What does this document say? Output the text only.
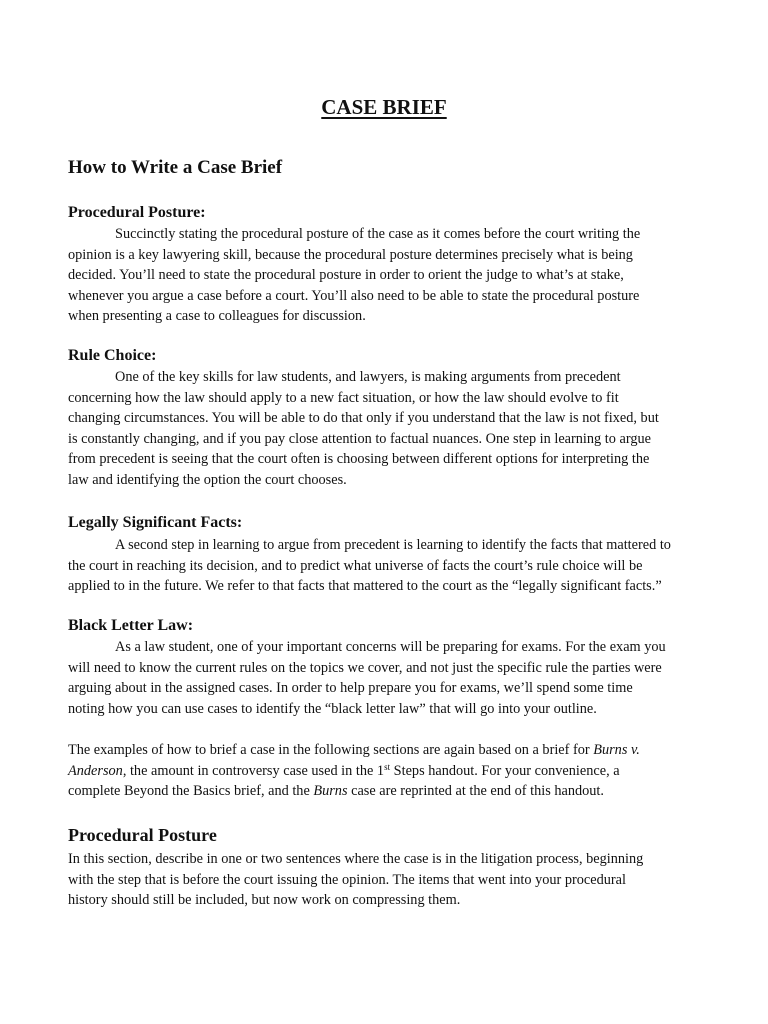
CASE BRIEF
How to Write a Case Brief
Procedural Posture:

Succinctly stating the procedural posture of the case as it comes before the court writing the

opinion is a key lawyering skill, because the procedural posture determines precisely what is being

decided. You’ll need to state the procedural posture in order to orient the judge to what’s at stake,

whenever you argue a case before a court. You’ll also need to be able to state the procedural posture

when presenting a case to colleagues for discussion.

Rule Choice:

One of the key skills for law students, and lawyers, is making arguments from precedent

concerning how the law should apply to a new fact situation, or how the law should evolve to fit

changing circumstances. You will be able to do that only if you understand that the law is not fixed, but

is constantly changing, and if you pay close attention to factual nuances. One step in learning to argue

from precedent is seeing that the court often is choosing between different options for interpreting the

law and identifying the option the court chooses.

Legally Significant Facts:

A second step in learning to argue from precedent is learning to identify the facts that mattered to

the court in reaching its decision, and to predict what universe of facts the court’s rule choice will be

applied to in the future. We refer to that facts that mattered to the court as the “legally significant facts.”

Black Letter Law:

As a law student, one of your important concerns will be preparing for exams. For the exam you

will need to know the current rules on the topics we cover, and not just the specific rule the parties were

arguing about in the assigned cases. In order to help prepare you for exams, we’ll spend some time

noting how you can use cases to identify the “black letter law” that will go into your outline.

The examples of how to brief a case in the following sections are again based on a brief for Burns v.

Anderson, the amount in controversy case used in the 1st Steps handout. For your convenience, a

complete Beyond the Basics brief, and the Burns case are reprinted at the end of this handout.

Procedural Posture

In this section, describe in one or two sentences where the case is in the litigation process, beginning

with the step that is before the court issuing the opinion. The items that went into your procedural

history should still be included, but now work on compressing them.
